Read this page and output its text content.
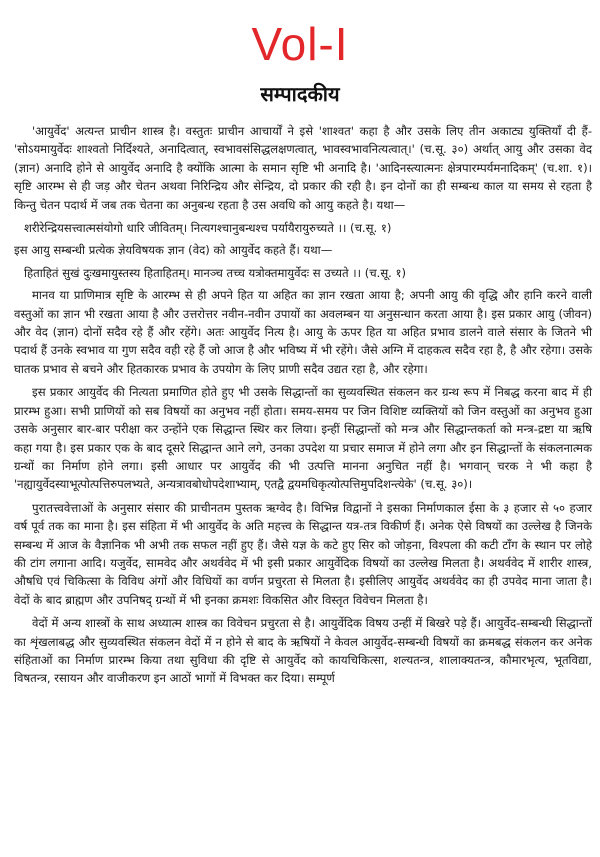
Vol-I
सम्पादकीय

'आयुर्वेद' अत्यन्त प्राचीन शास्त्र है। वस्तुतः प्राचीन आचार्यों ने इसे 'शाश्वत' कहा है और उसके लिए तीन अकाट्य युक्तियाँ दी हैं-'सोऽयमायुर्वेदः शाश्वतो निर्दिश्यते, अनादित्वात्, स्वभावसंसिद्धलक्षणत्वात्, भावस्वभावनित्यत्वात्।' (च.सू. ३०) अर्थात् आयु और उसका वेद (ज्ञान) अनादि होने से आयुर्वेद अनादि है क्योंकि आत्मा के समान सृष्टि भी अनादि है। 'आदिनस्त्यात्मनः क्षेत्रपारम्पर्यमनादिकम्' (च.शा. १)। सृष्टि आरम्भ से ही जड़ और चेतन अथवा निरिन्द्रिय और सेन्द्रिय, दो प्रकार की रही है। इन दोनों का ही सम्बन्ध काल या समय से रहता है किन्तु चेतन पदार्थ में जब तक चेतना का अनुबन्ध रहता है उस अवधि को आयु कहते है। यथा—

शरीरेन्द्रियसत्त्वात्मसंयोगो धारि जीवितम्। नित्यगश्चानुबन्धश्च पर्यायैरायुरुच्यते ।। (च.सू. १)

इस आयु सम्बन्धी प्रत्येक ज्ञेयविषयक ज्ञान (वेद) को आयुर्वेद कहते हैं। यथा—

हिताहितं सुखं दुःखमायुस्तस्य हिताहितम्। मानञ्च तच्च यत्रोक्तमायुर्वेदः स उच्यते ।। (च.सू. १)

मानव या प्राणिमात्र सृष्टि के आरम्भ से ही अपने हित या अहित का ज्ञान रखता आया है; अपनी आयु की वृद्धि और हानि करने वाली वस्तुओं का ज्ञान भी रखता आया है और उत्तरोत्तर नवीन-नवीन उपायों का अवलम्बन या अनुसन्धान करता आया है। इस प्रकार आयु (जीवन) और वेद (ज्ञान) दोनों सदैव रहे हैं और रहेंगे। अतः आयुर्वेद नित्य है। आयु के ऊपर हित या अहित प्रभाव डालने वाले संसार के जितने भी पदार्थ हैं उनके स्वभाव या गुण सदैव वही रहे हैं जो आज है और भविष्य में भी रहेंगे। जैसे अग्नि में दाहकत्व सदैव रहा है, है और रहेगा। उसके घातक प्रभाव से बचने और हितकारक प्रभाव के उपयोग के लिए प्राणी सदैव उद्यत रहा है, और रहेगा।

इस प्रकार आयुर्वेद की नित्यता प्रमाणित होते हुए भी उसके सिद्धान्तों का सुव्यवस्थित संकलन कर ग्रन्थ रूप में निबद्ध करना बाद में ही प्रारम्भ हुआ। सभी प्राणियों को सब विषयों का अनुभव नहीं होता। समय-समय पर जिन विशिष्ट व्यक्तियों को जिन वस्तुओं का अनुभव हुआ उसके अनुसार बार-बार परीक्षा कर उन्होंने एक सिद्धान्त स्थिर कर लिया। इन्हीं सिद्धान्तों को मन्त्र और सिद्धान्तकर्ता को मन्त्र-द्रष्टा या ऋषि कहा गया है। इस प्रकार एक के बाद दूसरे सिद्धान्त आने लगे, उनका उपदेश या प्रचार समाज में होने लगा और इन सिद्धान्तों के संकलनात्मक ग्रन्थों का निर्माण होने लगा। इसी आधार पर आयुर्वेद की भी उत्पत्ति मानना अनुचित नहीं है। भगवान् चरक ने भी कहा है 'नह्यायुर्वेदस्याभूत्पोत्पत्तिरुपलभ्यते, अन्यत्रावबोधोपदेशाभ्याम्, एतद्वै द्वयमधिकृत्योत्पत्तिमुपदिशन्त्येके' (च.सू. ३०)।

पुरातत्त्ववेत्ताओं के अनुसार संसार की प्राचीनतम पुस्तक ऋग्वेद है। विभिन्न विद्वानों ने इसका निर्माणकाल ईसा के ३ हजार से ५० हजार वर्ष पूर्व तक का माना है। इस संहिता में भी आयुर्वेद के अति महत्त्व के सिद्धान्त यत्र-तत्र विकीर्ण हैं। अनेक ऐसे विषयों का उल्लेख है जिनके सम्बन्ध में आज के वैज्ञानिक भी अभी तक सफल नहीं हुए हैं। जैसे यज्ञ के कटे हुए सिर को जोड़ना, विश्पला की कटी टाँग के स्थान पर लोहे की टांग लगाना आदि। यजुर्वेद, सामवेद और अथर्ववेद में भी इसी प्रकार आयुर्वेदिक विषयों का उल्लेख मिलता है। अथर्ववेद में शारीर शास्त्र, औषधि एवं चिकित्सा के विविध अंगों और विधियों का वर्णन प्रचुरता से मिलता है। इसीलिए आयुर्वेद अथर्ववेद का ही उपवेद माना जाता है। वेदों के बाद ब्राह्मण और उपनिषद् ग्रन्थों में भी इनका क्रमशः विकसित और विस्तृत विवेचन मिलता है।

वेदों में अन्य शास्त्रों के साथ अध्यात्म शास्त्र का विवेचन प्रचुरता से है। आयुर्वेदिक विषय उन्हीं में बिखरे पड़े हैं। आयुर्वेद-सम्बन्धी सिद्धान्तों का शृंखलाबद्ध और सुव्यवस्थित संकलन वेदों में न होने से बाद के ऋषियों ने केवल आयुर्वेद-सम्बन्धी विषयों का क्रमबद्ध संकलन कर अनेक संहिताओं का निर्माण प्रारम्भ किया तथा सुविधा की दृष्टि से आयुर्वेद को कायचिकित्सा, शल्यतन्त्र, शालाक्यतन्त्र, कौमारभृत्य, भूतविद्या, विषतन्त्र, रसायन और वाजीकरण इन आठों भागों में विभक्त कर दिया। सम्पूर्ण
